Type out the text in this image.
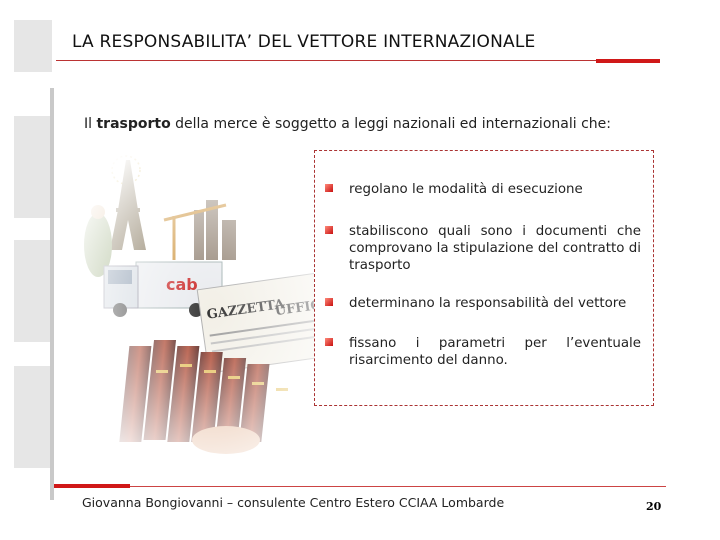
LA RESPONSABILITA’ DEL VETTORE INTERNAZIONALE
Il trasporto della merce è soggetto a leggi nazionali ed internazionali che:
regolano le modalità di esecuzione
stabiliscono quali sono i documenti che comprovano la stipulazione del contratto di trasporto
determinano la responsabilità del vettore
fissano i parametri per l’eventuale risarcimento del danno.
Giovanna Bongiovanni – consulente Centro Estero CCIAA Lombarde	20
